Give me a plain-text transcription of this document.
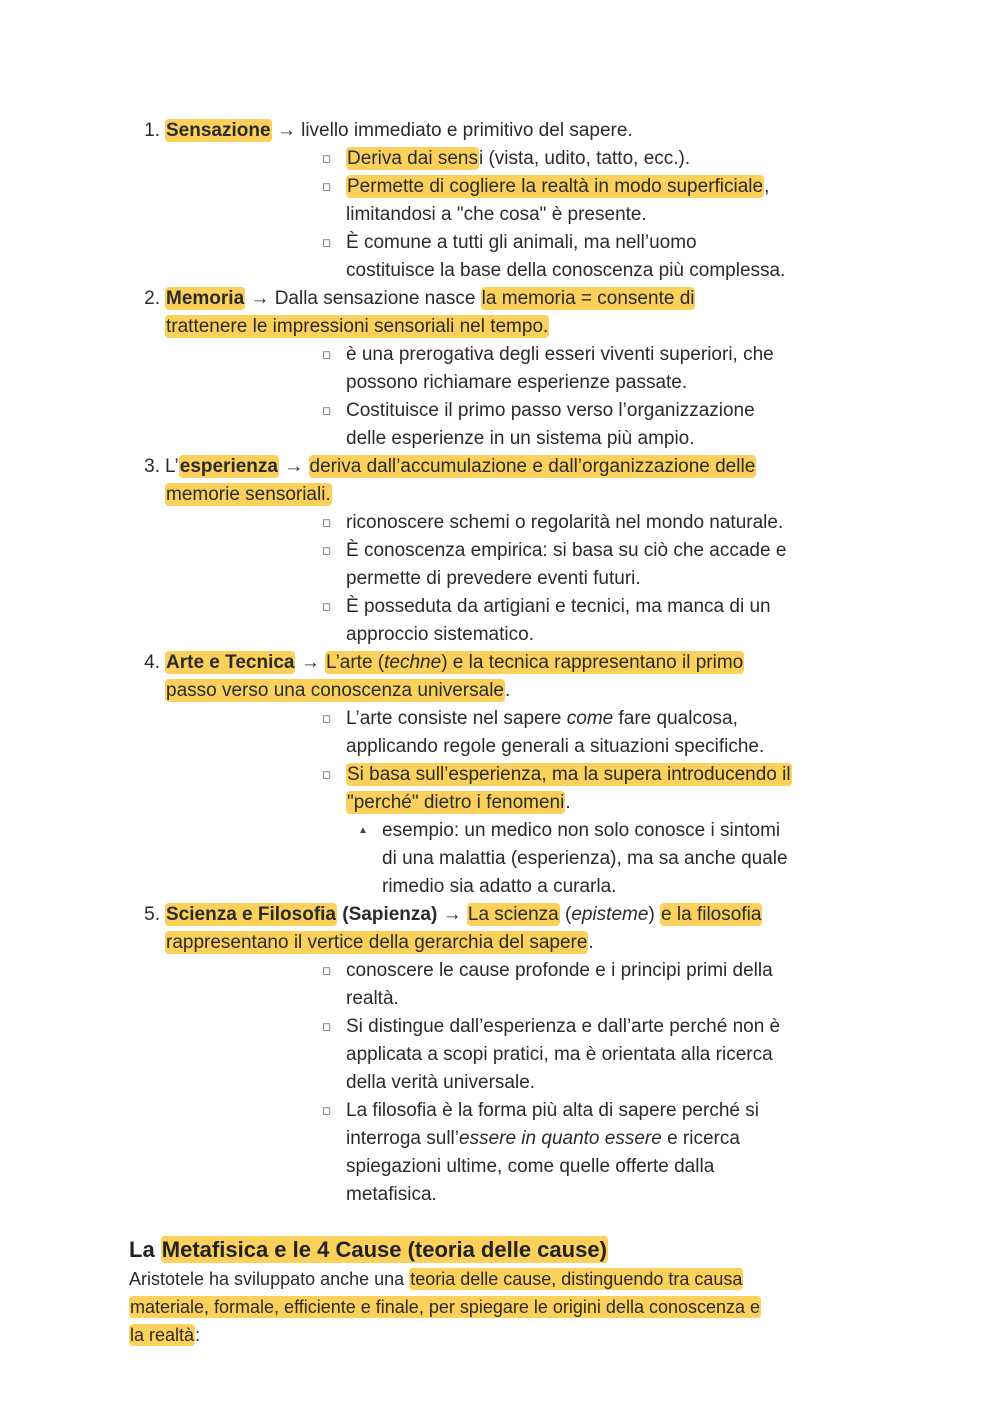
1. Sensazione → livello immediato e primitivo del sapere.
◻ Deriva dai sensi (vista, udito, tatto, ecc.).
◻ Permette di cogliere la realtà in modo superficiale,
limitandosi a "che cosa" è presente.
◻ È comune a tutti gli animali, ma nell’uomo
costituisce la base della conoscenza più complessa.
2. Memoria → Dalla sensazione nasce la memoria = consente di
trattenere le impressioni sensoriali nel tempo.
◻ è una prerogativa degli esseri viventi superiori, che
possono richiamare esperienze passate.
◻ Costituisce il primo passo verso l’organizzazione
delle esperienze in un sistema più ampio.
3. L’esperienza → deriva dall’accumulazione e dall’organizzazione delle
memorie sensoriali.
◻ riconoscere schemi o regolarità nel mondo naturale.
◻ È conoscenza empirica: si basa su ciò che accade e
permette di prevedere eventi futuri.
◻ È posseduta da artigiani e tecnici, ma manca di un
approccio sistematico.
4. Arte e Tecnica → L’arte (techne) e la tecnica rappresentano il primo
passo verso una conoscenza universale.
◻ L’arte consiste nel sapere come fare qualcosa,
applicando regole generali a situazioni specifiche.
◻ Si basa sull’esperienza, ma la supera introducendo il
"perché" dietro i fenomeni.
▲ esempio: un medico non solo conosce i sintomi
di una malattia (esperienza), ma sa anche quale
rimedio sia adatto a curarla.
5. Scienza e Filosofia (Sapienza) → La scienza (episteme) e la filosofia
rappresentano il vertice della gerarchia del sapere.
◻ conoscere le cause profonde e i principi primi della
realtà.
◻ Si distingue dall’esperienza e dall’arte perché non è
applicata a scopi pratici, ma è orientata alla ricerca
della verità universale.
◻ La filosofia è la forma più alta di sapere perché si
interroga sull’essere in quanto essere e ricerca
spiegazioni ultime, come quelle offerte dalla
metafisica.
La Metafisica e le 4 Cause (teoria delle cause)
Aristotele ha sviluppato anche una teoria delle cause, distinguendo tra causa
materiale, formale, efficiente e finale, per spiegare le origini della conoscenza e
la realtà:
